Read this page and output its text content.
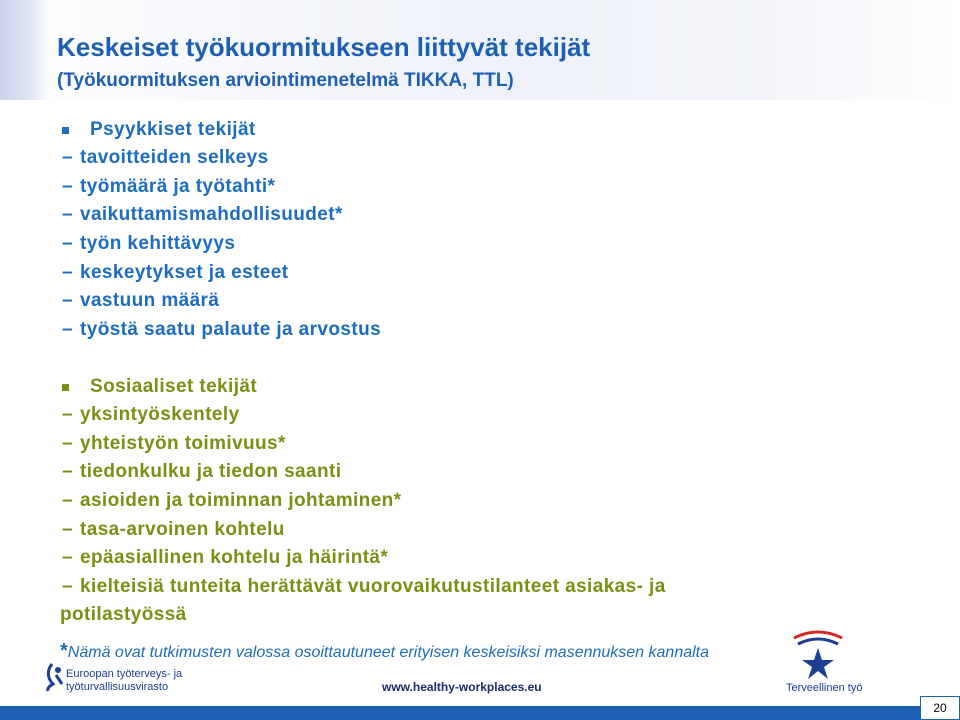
Keskeiset työkuormitukseen liittyvät tekijät
(Työkuormituksen arviointimenetelmä TIKKA, TTL)
Psyykkiset tekijät
– tavoitteiden selkeys
– työmäärä ja työtahti*
– vaikuttamismahdollisuudet*
– työn kehittävyys
– keskeytykset ja esteet
– vastuun määrä
– työstä saatu palaute ja arvostus
Sosiaaliset tekijät
– yksintyöskentely
– yhteistyön toimivuus*
– tiedonkulku ja tiedon saanti
– asioiden ja toiminnan johtaminen*
– tasa-arvoinen kohtelu
– epäasiallinen kohtelu ja häirintä*
– kielteisiä tunteita herättävät vuorovaikutustilanteet asiakas- ja
potilastyössä
*Nämä ovat tutkimusten valossa osoittautuneet erityisen keskeisiksi masennuksen kannalta
Euroopan työterveys- ja
työturvallisuusvirasto	www.healthy-workplaces.eu	Terveellinen työ
20
